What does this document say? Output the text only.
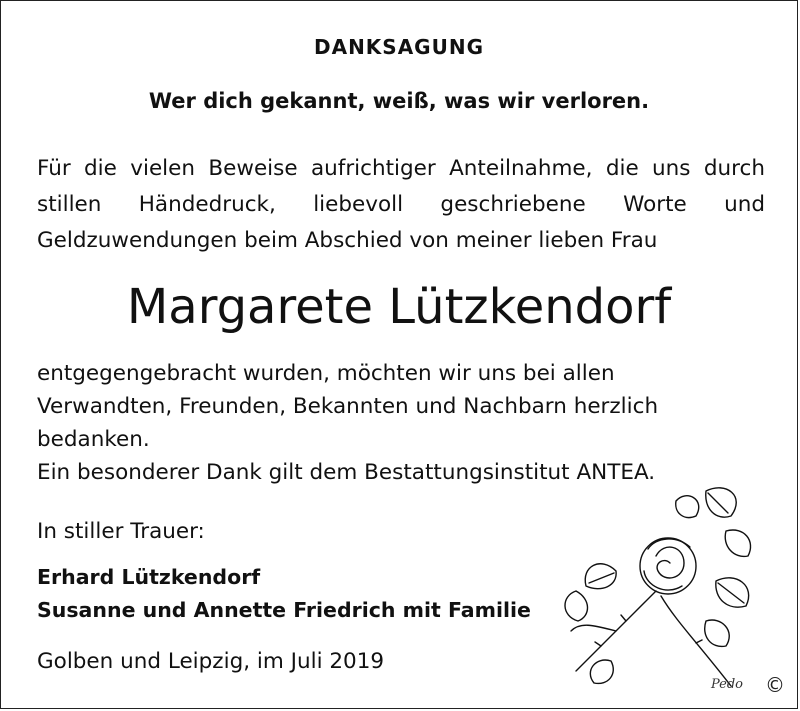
DANKSAGUNG
Wer dich gekannt, weiß, was wir verloren.
Für die vielen Beweise aufrichtiger Anteilnahme, die uns durch stillen Händedruck, liebevoll geschriebene Worte und Geldzuwendungen beim Abschied von meiner lieben Frau
Margarete Lützkendorf
entgegengebracht wurden, möchten wir uns bei allen
Verwandten, Freunden, Bekannten und Nachbarn herzlich
bedanken.
Ein besonderer Dank gilt dem Bestattungsinstitut ANTEA.
In stiller Trauer:
Erhard Lützkendorf
Susanne und Annette Friedrich mit Familie
Golben und Leipzig, im Juli 2019
Pedo ©
